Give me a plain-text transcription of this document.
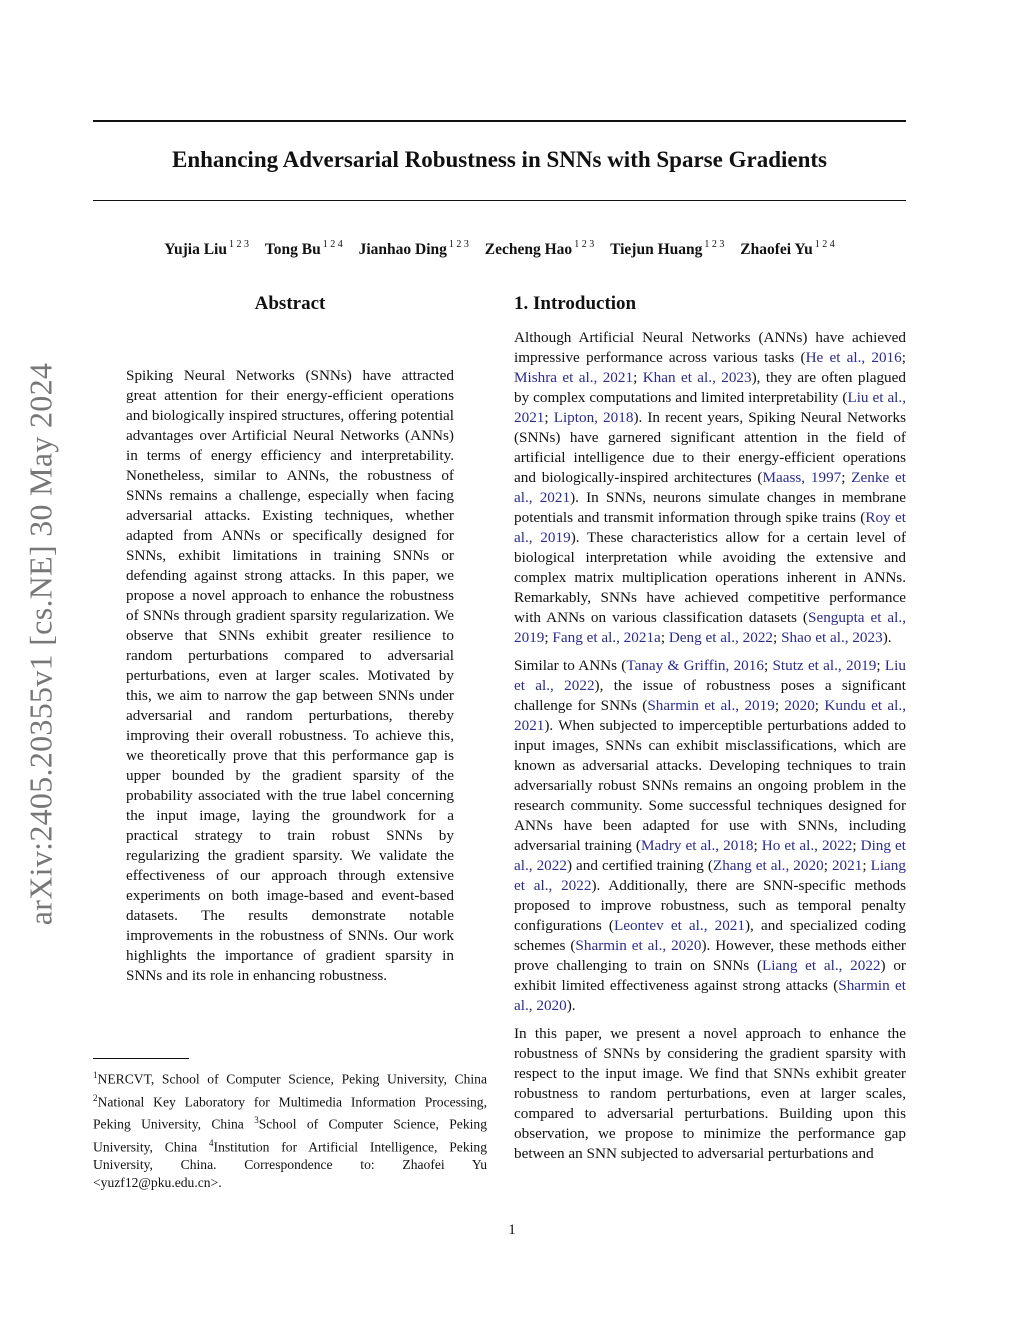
Enhancing Adversarial Robustness in SNNs with Sparse Gradients
Yujia Liu $^{1 2 3}$ Tong Bu $^{1 2 4}$ Jianhao Ding $^{1 2 3}$ Zecheng Hao $^{1 2 3}$ Tiejun Huang $^{1 2 3}$ Zhaofei Yu $^{1 2 4}$
arXiv:2405.20355v1 [cs.NE] 30 May 2024
Abstract

Spiking Neural Networks (SNNs) have attracted great attention for their energy-efficient operations and biologically inspired structures, offering potential advantages over Artificial Neural Networks (ANNs) in terms of energy efficiency and interpretability. Nonetheless, similar to ANNs, the robustness of SNNs remains a challenge, especially when facing adversarial attacks. Existing techniques, whether adapted from ANNs or specifically designed for SNNs, exhibit limitations in training SNNs or defending against strong attacks. In this paper, we propose a novel approach to enhance the robustness of SNNs through gradient sparsity regularization. We observe that SNNs exhibit greater resilience to random perturbations compared to adversarial perturbations, even at larger scales. Motivated by this, we aim to narrow the gap between SNNs under adversarial and random perturbations, thereby improving their overall robustness. To achieve this, we theoretically prove that this performance gap is upper bounded by the gradient sparsity of the probability associated with the true label concerning the input image, laying the groundwork for a practical strategy to train robust SNNs by regularizing the gradient sparsity. We validate the effectiveness of our approach through extensive experiments on both image-based and event-based datasets. The results demonstrate notable improvements in the robustness of SNNs. Our work highlights the importance of gradient sparsity in SNNs and its role in enhancing robustness.

$^1$NERCVT, School of Computer Science, Peking University, China $^2$National Key Laboratory for Multimedia Information Processing, Peking University, China $^3$School of Computer Science, Peking University, China $^4$Institution for Artificial Intelligence, Peking University, China. Correspondence to: Zhaofei Yu <yuzf12@pku.edu.cn>.

1. Introduction

Although Artificial Neural Networks (ANNs) have achieved impressive performance across various tasks (He et al., 2016; Mishra et al., 2021; Khan et al., 2023), they are often plagued by complex computations and limited interpretability (Liu et al., 2021; Lipton, 2018). In recent years, Spiking Neural Networks (SNNs) have garnered significant attention in the field of artificial intelligence due to their energy-efficient operations and biologically-inspired architectures (Maass, 1997; Zenke et al., 2021). In SNNs, neurons simulate changes in membrane potentials and transmit information through spike trains (Roy et al., 2019). These characteristics allow for a certain level of biological interpretation while avoiding the extensive and complex matrix multiplication operations inherent in ANNs. Remarkably, SNNs have achieved competitive performance with ANNs on various classification datasets (Sengupta et al., 2019; Fang et al., 2021a; Deng et al., 2022; Shao et al., 2023).

Similar to ANNs (Tanay & Griffin, 2016; Stutz et al., 2019; Liu et al., 2022), the issue of robustness poses a significant challenge for SNNs (Sharmin et al., 2019; 2020; Kundu et al., 2021). When subjected to imperceptible perturbations added to input images, SNNs can exhibit misclassifications, which are known as adversarial attacks. Developing techniques to train adversarially robust SNNs remains an ongoing problem in the research community. Some successful techniques designed for ANNs have been adapted for use with SNNs, including adversarial training (Madry et al., 2018; Ho et al., 2022; Ding et al., 2022) and certified training (Zhang et al., 2020; 2021; Liang et al., 2022). Additionally, there are SNN-specific methods proposed to improve robustness, such as temporal penalty configurations (Leontev et al., 2021), and specialized coding schemes (Sharmin et al., 2020). However, these methods either prove challenging to train on SNNs (Liang et al., 2022) or exhibit limited effectiveness against strong attacks (Sharmin et al., 2020).

In this paper, we present a novel approach to enhance the robustness of SNNs by considering the gradient sparsity with respect to the input image. We find that SNNs exhibit greater robustness to random perturbations, even at larger scales, compared to adversarial perturbations. Building upon this observation, we propose to minimize the performance gap between an SNN subjected to adversarial perturbations and

1
